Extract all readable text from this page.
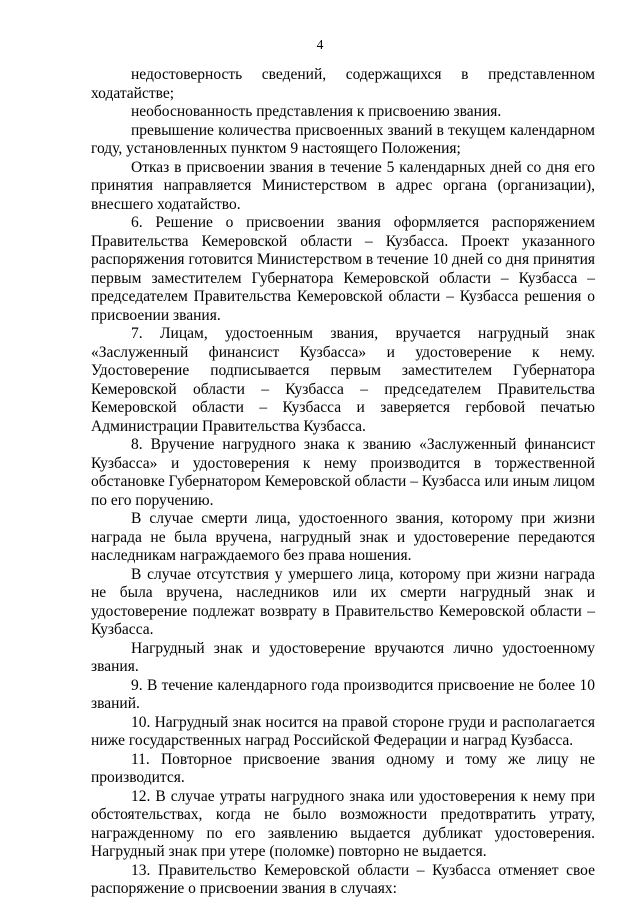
4

недостоверность сведений, содержащихся в представленном ходатайстве;

необоснованность представления к присвоению звания.

превышение количества присвоенных званий в текущем календарном году, установленных пунктом 9 настоящего Положения;

Отказ в присвоении звания в течение 5 календарных дней со дня его принятия направляется Министерством в адрес органа (организации), внесшего ходатайство.

6. Решение о присвоении звания оформляется распоряжением Правительства Кемеровской области – Кузбасса. Проект указанного распоряжения готовится Министерством в течение 10 дней со дня принятия первым заместителем Губернатора Кемеровской области – Кузбасса – председателем Правительства Кемеровской области – Кузбасса решения о присвоении звания.

7. Лицам, удостоенным звания, вручается нагрудный знак «Заслуженный финансист Кузбасса» и удостоверение к нему. Удостоверение подписывается первым заместителем Губернатора Кемеровской области – Кузбасса – председателем Правительства Кемеровской области – Кузбасса и заверяется гербовой печатью Администрации Правительства Кузбасса.

8. Вручение нагрудного знака к званию «Заслуженный финансист Кузбасса» и удостоверения к нему производится в торжественной обстановке Губернатором Кемеровской области – Кузбасса или иным лицом по его поручению.

В случае смерти лица, удостоенного звания, которому при жизни награда не была вручена, нагрудный знак и удостоверение передаются наследникам награждаемого без права ношения.

В случае отсутствия у умершего лица, которому при жизни награда не была вручена, наследников или их смерти нагрудный знак и удостоверение подлежат возврату в Правительство Кемеровской области – Кузбасса.

Нагрудный знак и удостоверение вручаются лично удостоенному звания.

9. В течение календарного года производится присвоение не более 10 званий.

10. Нагрудный знак носится на правой стороне груди и располагается ниже государственных наград Российской Федерации и наград Кузбасса.

11. Повторное присвоение звания одному и тому же лицу не производится.

12. В случае утраты нагрудного знака или удостоверения к нему при обстоятельствах, когда не было возможности предотвратить утрату, награжденному по его заявлению выдается дубликат удостоверения. Нагрудный знак при утере (поломке) повторно не выдается.

13. Правительство Кемеровской области – Кузбасса отменяет свое распоряжение о присвоении звания в случаях:
